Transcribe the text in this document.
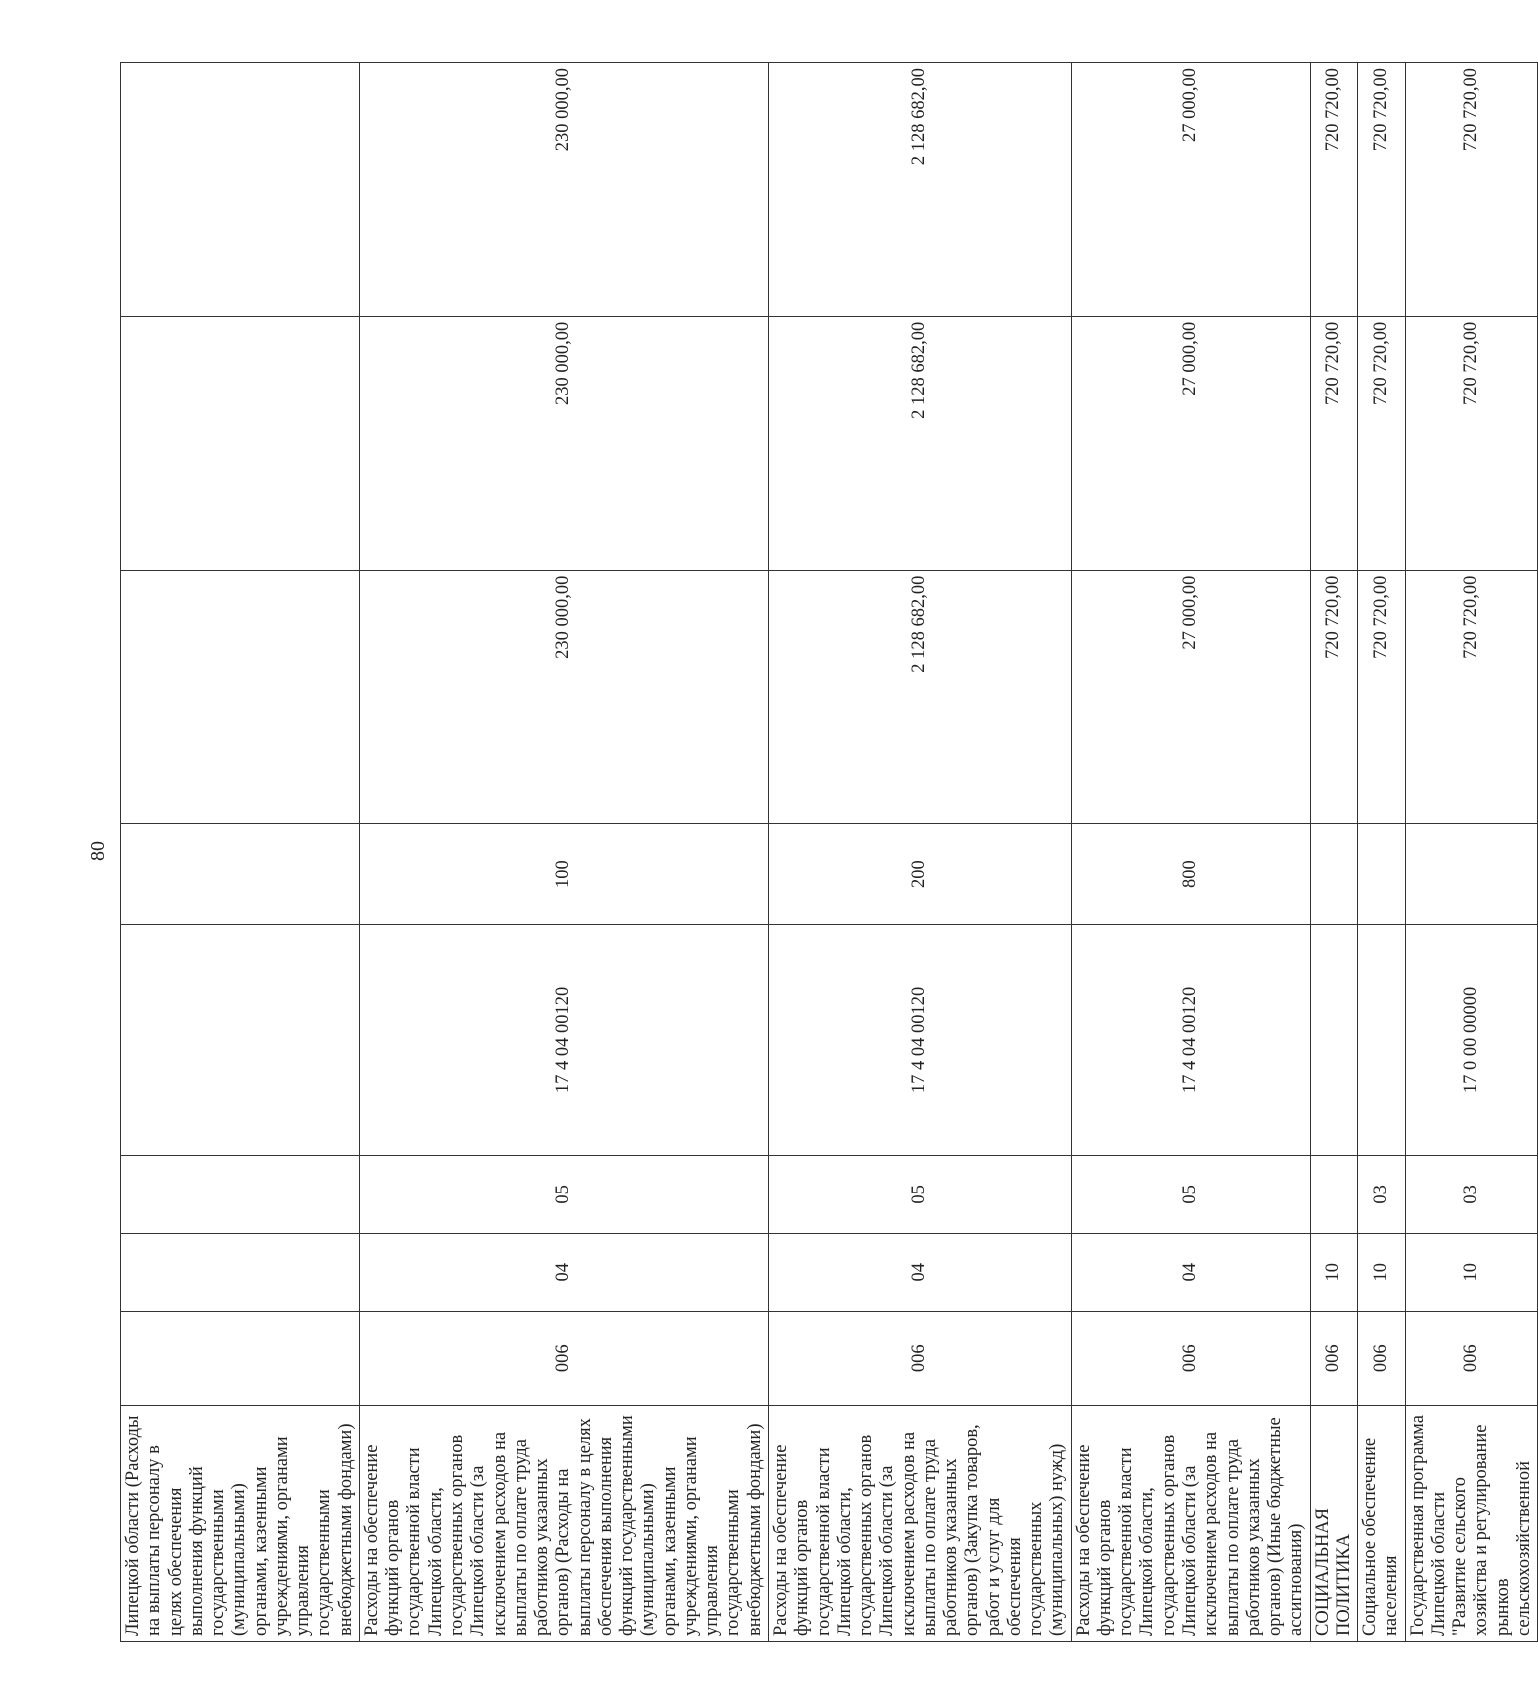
80
Липецкой области (Расходы на выплаты персоналу в целях обеспечения выполнения функций государственными (муниципальными) органами, казенными учреждениями, органами управления государственными внебюджетными фондами)								
Расходы на обеспечение функций органов государственной власти Липецкой области, государственных органов Липецкой области (за исключением расходов на выплаты по оплате труда работников указанных органов) (Расходы на выплаты персоналу в целях обеспечения выполнения функций государственными (муниципальными) органами, казенными учреждениями, органами управления государственными внебюджетными фондами)	006	04	05	17 4 04 00120	100	230 000,00	230 000,00	230 000,00
Расходы на обеспечение функций органов государственной власти Липецкой области, государственных органов Липецкой области (за исключением расходов на выплаты по оплате труда работников указанных органов) (Закупка товаров, работ и услуг для обеспечения государственных (муниципальных) нужд)	006	04	05	17 4 04 00120	200	2 128 682,00	2 128 682,00	2 128 682,00
Расходы на обеспечение функций органов государственной власти Липецкой области, государственных органов Липецкой области (за исключением расходов на выплаты по оплате труда работников указанных органов) (Иные бюджетные ассигнования)	006	04	05	17 4 04 00120	800	27 000,00	27 000,00	27 000,00
СОЦИАЛЬНАЯ ПОЛИТИКА	006	10				720 720,00	720 720,00	720 720,00
Социальное обеспечение населения	006	10	03			720 720,00	720 720,00	720 720,00
Государственная программа Липецкой области "Развитие сельского хозяйства и регулирование рынков сельскохозяйственной	006	10	03	17 0 00 00000		720 720,00	720 720,00	720 720,00
